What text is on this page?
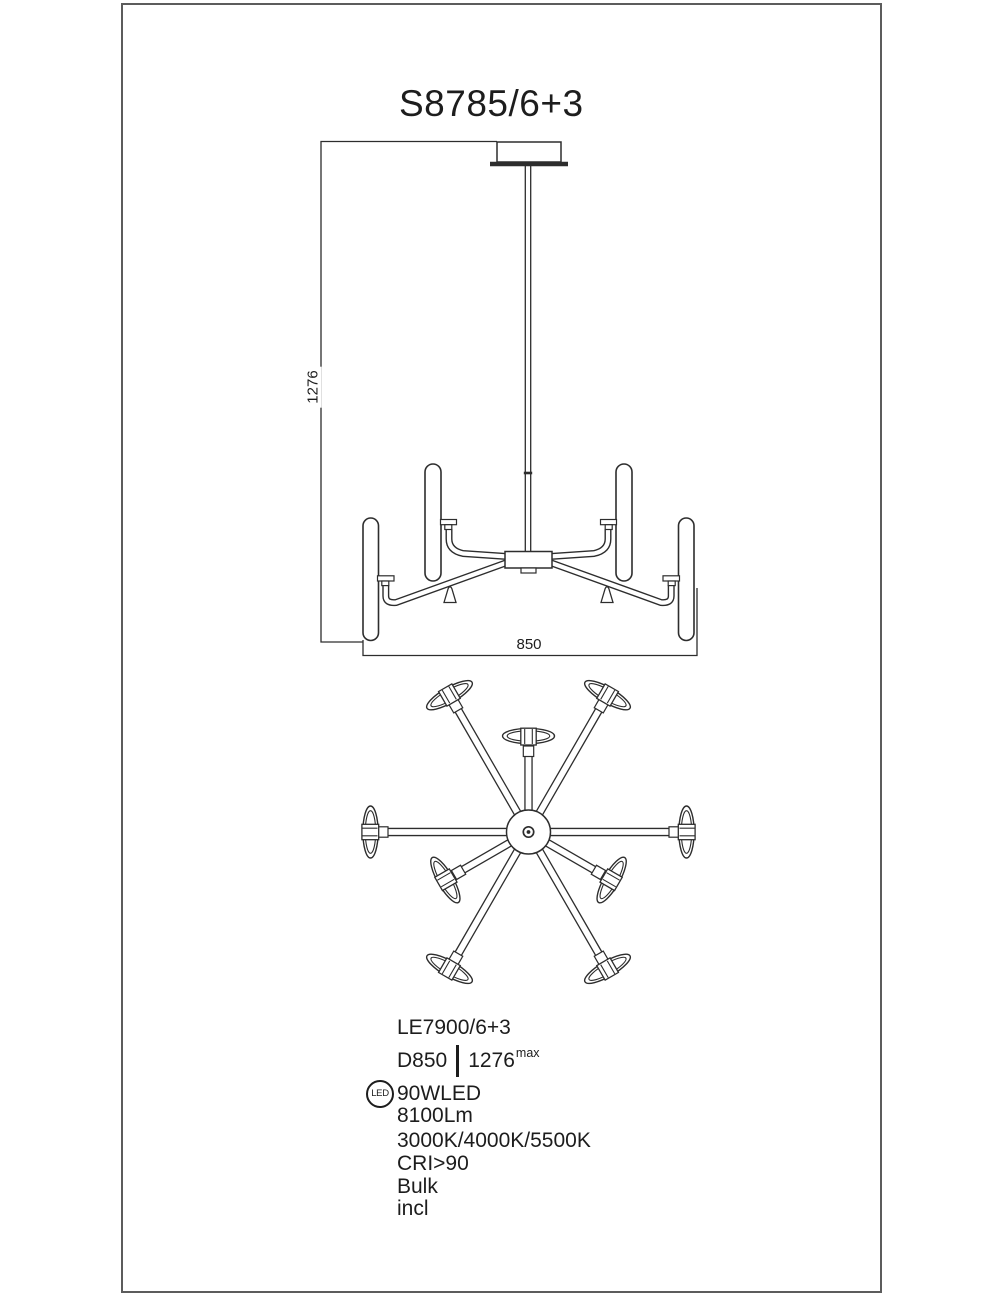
S8785/6+3
1276
850
LE7900/6+3
D850 1276 max
LED 90WLED
8100Lm
3000K/4000K/5500K
CRI>90
Bulk
incl
